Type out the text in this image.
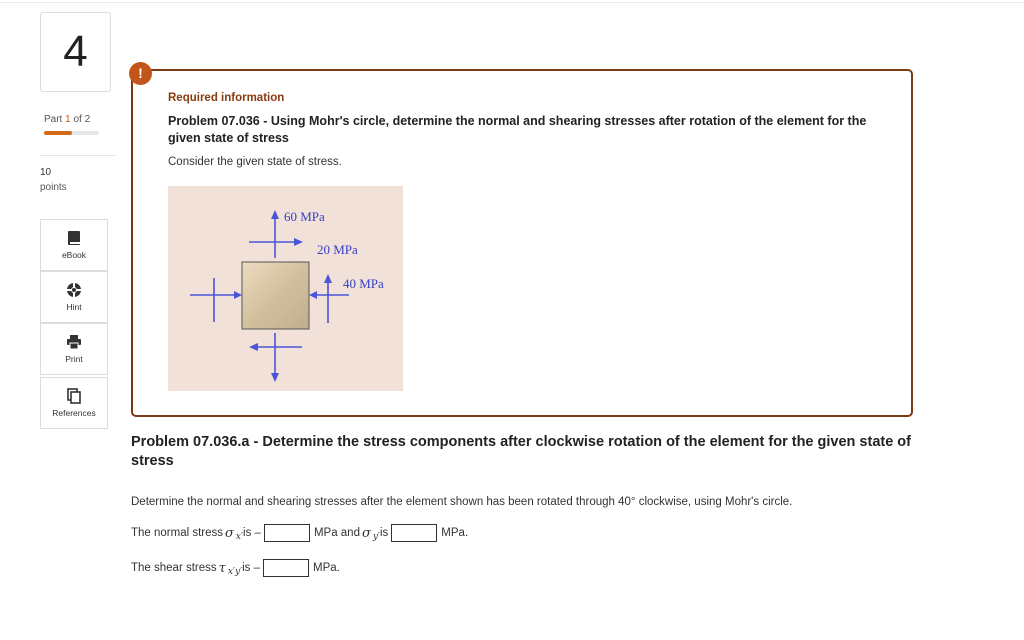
4
Part 1 of 2
10
points
eBook
Hint
Print
References
!
Required information
Problem 07.036 - Using Mohr's circle, determine the normal and shearing stresses after rotation of the element for the given state of stress
Consider the given state of stress.
60 MPa
20 MPa
40 MPa
Problem 07.036.a - Determine the stress components after clockwise rotation of the element for the given state of stress
Determine the normal and shearing stresses after the element shown has been rotated through 40° clockwise, using Mohr's circle.
The normal stress σ x′ is –	MPa and σ y′ is	MPa.
The shear stress τ x′y′ is –	MPa.
